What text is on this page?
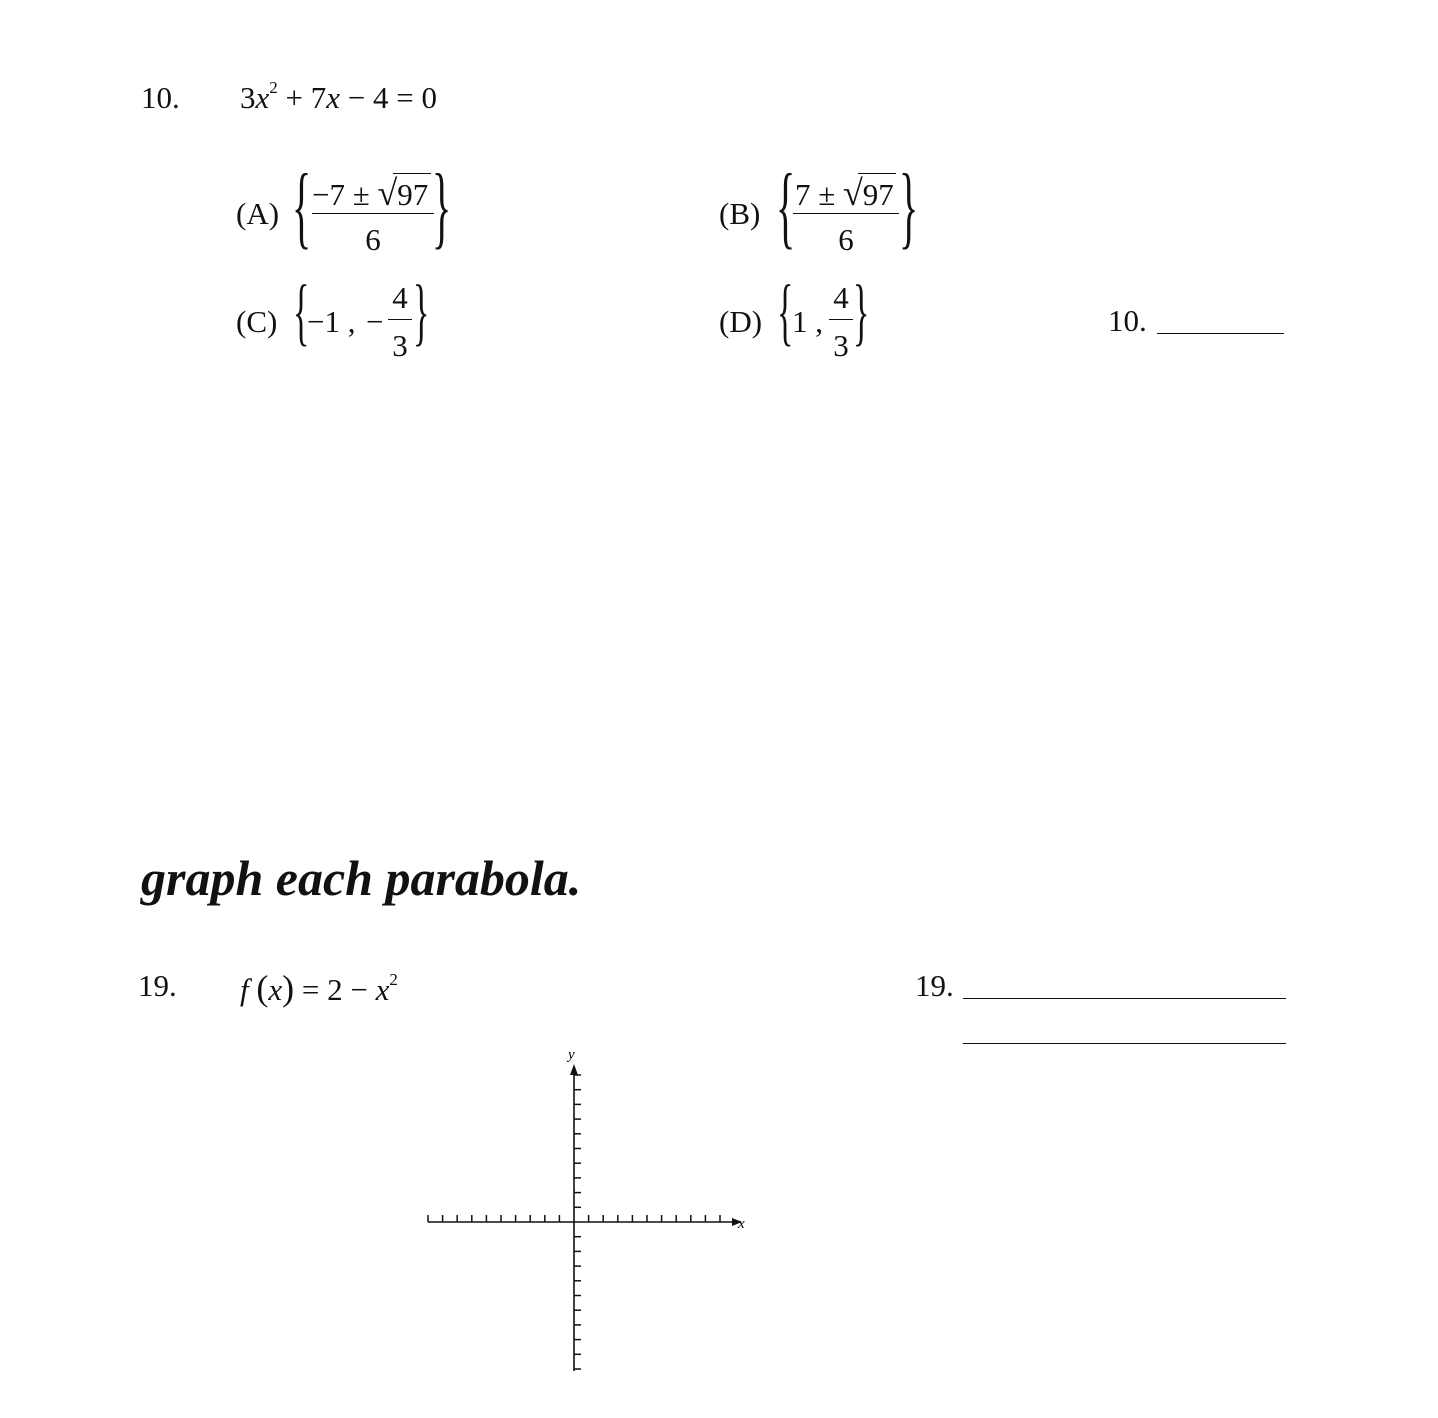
10. $3x^2 + 7x - 4 = 0$
(A) { −7 ± √97
6	}	(B) { 7 ± √97
6	}
(C) {
−1 , −
4
3 }	(D) {
1 ,
4
3 }	10.
graph each parabola.
19. f $(x) = 2 - x^2$	19.
x
y
